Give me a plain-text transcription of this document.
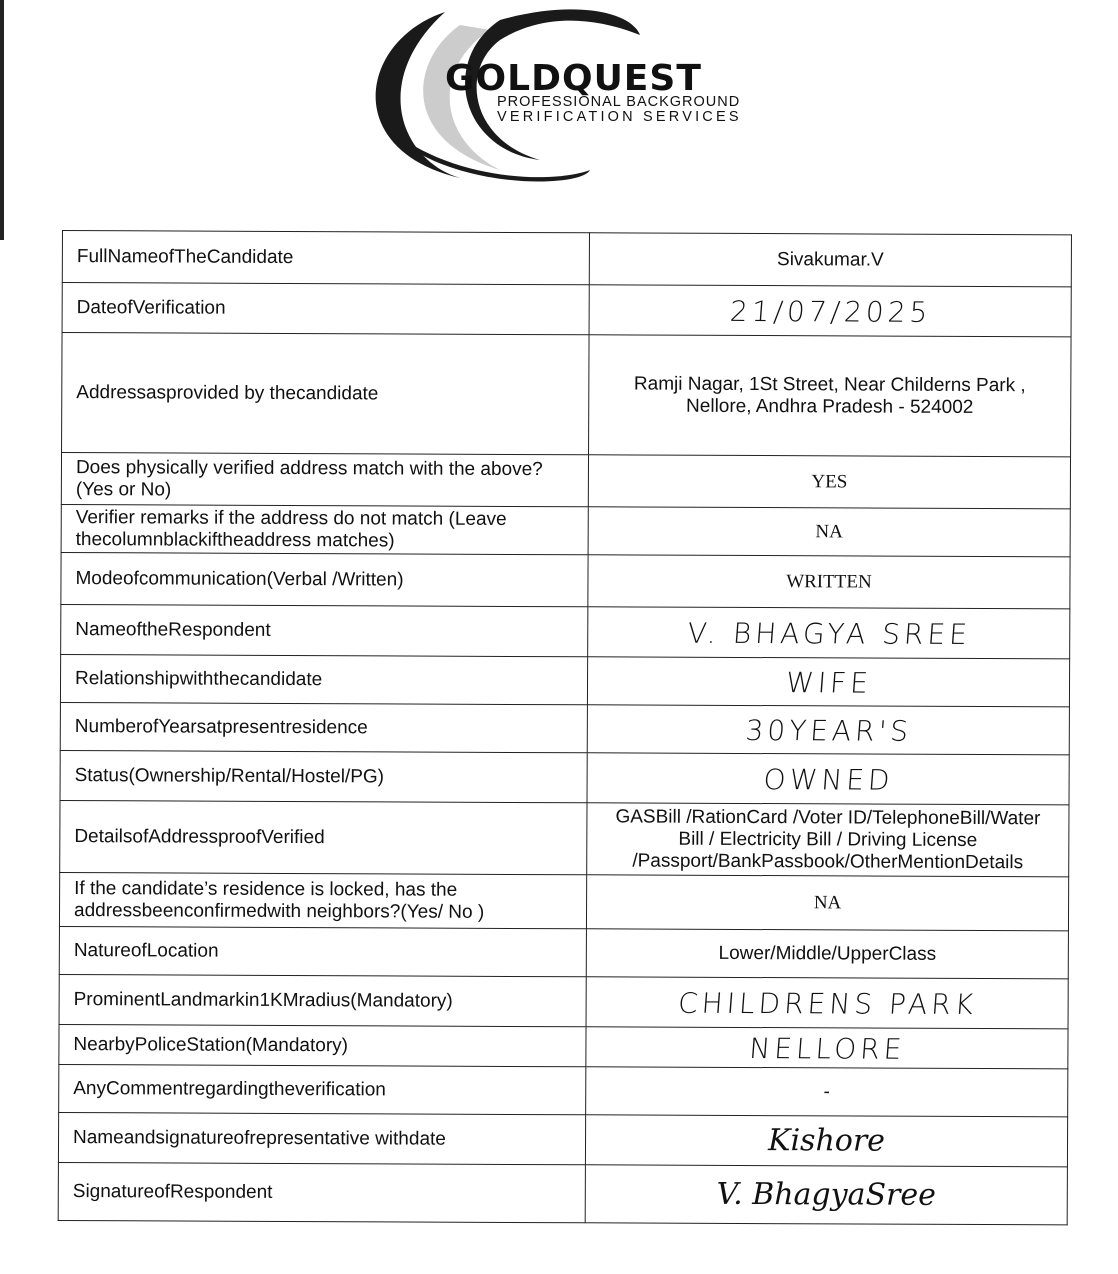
GOLDQUEST
PROFESSIONAL BACKGROUND
VERIFICATION SERVICES
FullNameofTheCandidate	Sivakumar.V
DateofVerification	21/07/2025
Addressasprovided by thecandidate	Ramji Nagar, 1St Street, Near Childerns Park , Nellore, Andhra Pradesh - 524002
Does physically verified address match with the above?(Yes or No)	YES
Verifier remarks if the address do not match (Leave thecolumnblackiftheaddress matches)	NA
Modeofcommunication(Verbal /Written)	WRITTEN
NameoftheRespondent	V. BHAGYA SREE
Relationshipwiththecandidate	WIFE
NumberofYearsatpresentresidence	30YEAR'S
Status(Ownership/Rental/Hostel/PG)	OWNED
DetailsofAddressproofVerified	GASBill /RationCard /Voter ID/TelephoneBill/Water Bill / Electricity Bill / Driving License /Passport/BankPassbook/OtherMentionDetails
If the candidate’s residence is locked, has the addressbeenconfirmedwith neighbors?(Yes/ No )	NA
NatureofLocation	Lower/Middle/UpperClass
ProminentLandmarkin1KMradius(Mandatory)	CHILDRENS PARK
NearbyPoliceStation(Mandatory)	NELLORE
AnyCommentregardingtheverification	-
Nameandsignatureofrepresentative withdate	Kishore
SignatureofRespondent	V. BhagyaSree
